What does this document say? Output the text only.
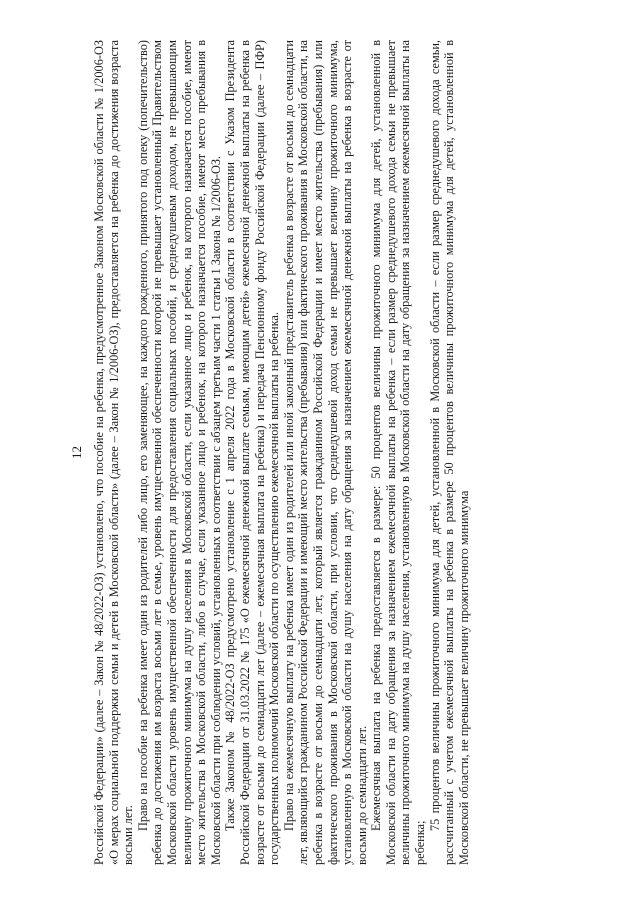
12 Российской Федерации» (далее – Закон № 48/2022-ОЗ) установлено, что пособие на ребенка, предусмотренное Законом Московской области № 1/2006-ОЗ «О мерах социальной поддержки семьи и детей в Московской области» (далее – Закон № 1/2006-ОЗ), предоставляется на ребенка до достижения возраста восьми лет.

Право на пособие на ребенка имеет один из родителей либо лицо, его заменяющее, на каждого рожденного, принятого под опеку (попечительство) ребенка до достижения им возраста восьми лет в семье, уровень имущественной обеспеченности которой не превышает установленный Правительством Московской области уровень имущественной обеспеченности для предоставления социальных пособий, и среднедушевым доходом, не превышающим величину прожиточного минимума на душу населения в Московской области, если указанное лицо и ребенок, на которого назначается пособие, имеют место жительства в Московской области, либо в случае, если указанное лицо и ребенок, на которого назначается пособие, имеют место пребывания в Московской области при соблюдении условий, установленных в соответствии с абзацем третьим части 1 статьи 1 Закона № 1/2006-ОЗ. Также Законом № 48/2022-ОЗ предусмотрено установление с 1 апреля 2022 года в Московской области в соответствии с Указом Президента Российской Федерации от 31.03.2022 № 175 «О ежемесячной денежной выплате семьям, имеющим детей» ежемесячной денежной выплаты на ребенка в возрасте от восьми до семнадцати лет (далее – ежемесячная выплата на ребенка) и передача Пенсионному фонду Российской Федерации (далее – ПФР) государственных полномочий Московской области по осуществлению ежемесячной выплаты на ребенка. Право на ежемесячную выплату на ребенка имеет один из родителей или иной законный представитель ребенка в возрасте от восьми до семнадцати лет, являющийся гражданином Российской Федерации и имеющий место жительства (пребывания) или фактического проживания в Московской области, на ребенка в возрасте от восьми до семнадцати лет, который является гражданином Российской Федерации и имеет место жительства (пребывания) или фактического проживания в Московской области, при условии, что среднедушевой доход семьи не превышает величину прожиточного минимума, установленную в Московской области на душу населения на дату обращения за назначением ежемесячной денежной выплаты на ребенка в возрасте от восьми до семнадцати лет. Ежемесячная выплата на ребенка предоставляется в размере: 50 процентов величины прожиточного минимума для детей, установленной в Московской области на дату обращения за назначением ежемесячной выплаты на ребенка – если размер среднедушевого дохода семьи не превышает величины прожиточного минимума на душу населения, установленную в Московской области на дату обращения за назначением ежемесячной выплаты на ребенка;

75 процентов величины прожиточного минимума для детей, установленной в Московской области – если размер среднедушевого дохода семьи, рассчитанный с учетом ежемесячной выплаты на ребенка в размере 50 процентов величины прожиточного минимума для детей, установленной в Московской области, не превышает величину прожиточного минимума
